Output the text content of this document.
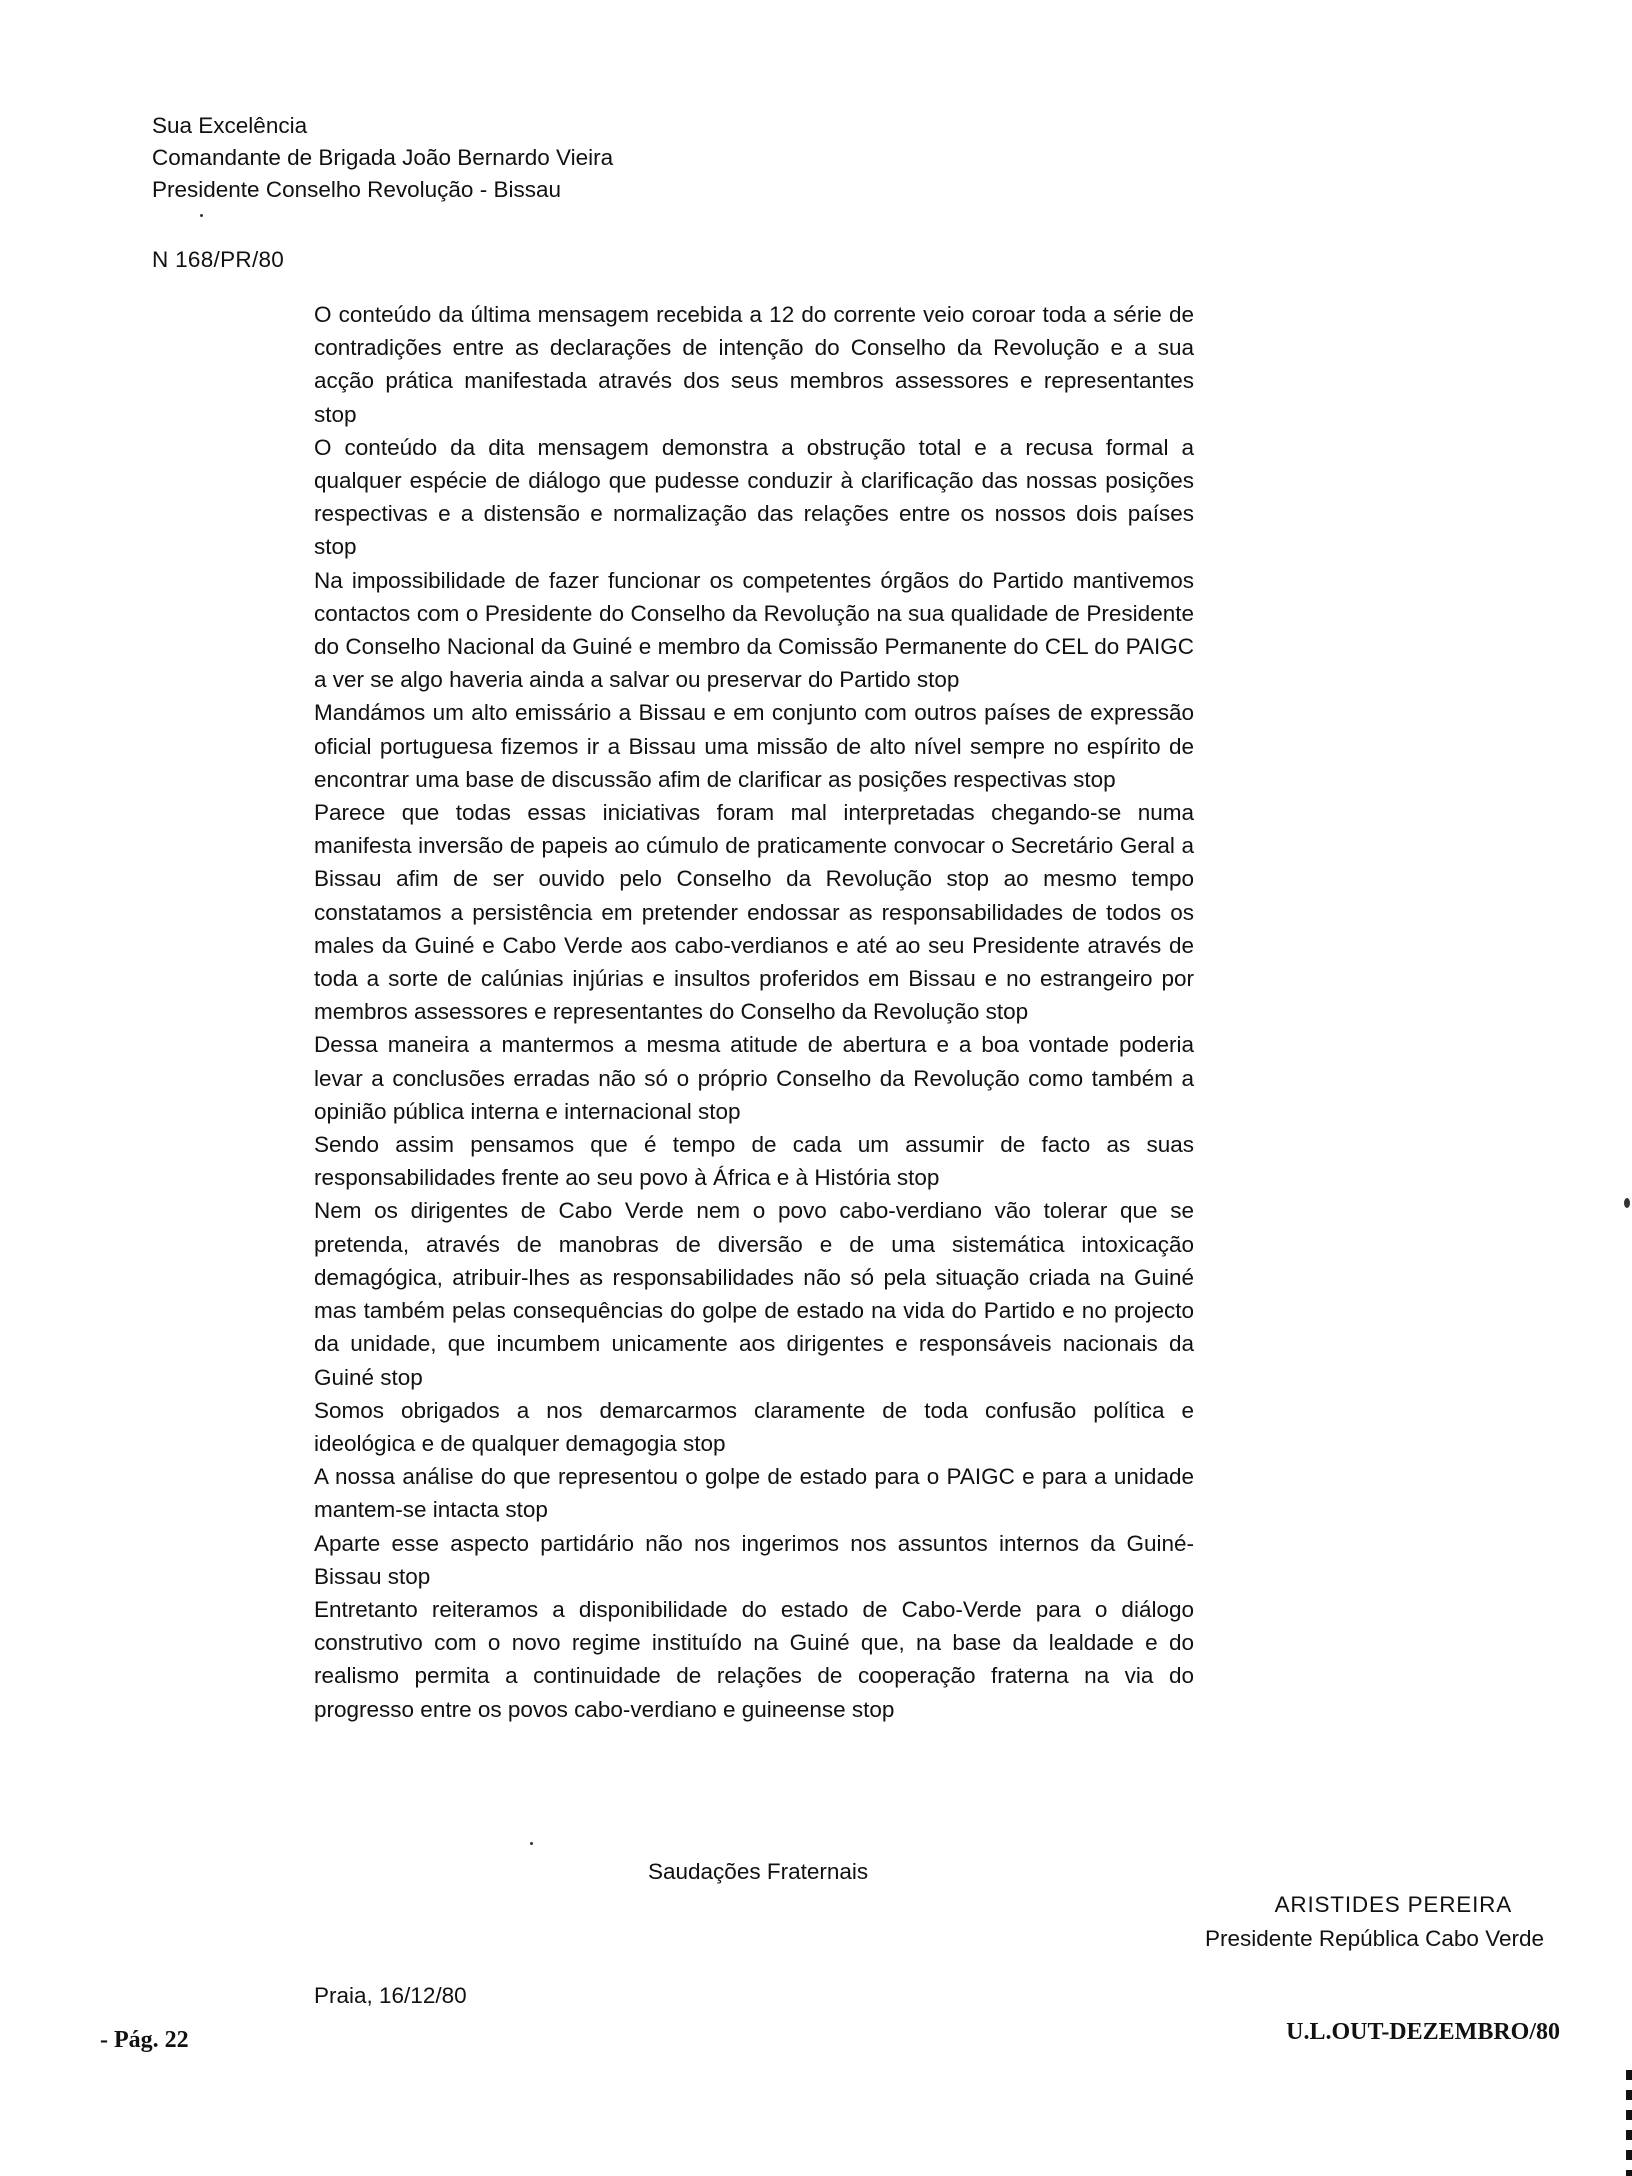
Sua Excelência
Comandante de Brigada João Bernardo Vieira
Presidente Conselho Revolução - Bissau
N 168/PR/80

O conteúdo da última mensagem recebida a 12 do corrente veio coroar toda a série de contradições entre as declarações de intenção do Conselho da Revolução e a sua acção prática manifestada através dos seus membros assessores e representantes stop

O conteúdo da dita mensagem demonstra a obstrução total e a recusa formal a qualquer espécie de diálogo que pudesse conduzir à clarificação das nossas posições respectivas e a distensão e normalização das relações entre os nossos dois países stop

Na impossibilidade de fazer funcionar os competentes órgãos do Partido mantivemos contactos com o Presidente do Conselho da Revolução na sua qualidade de Presidente do Conselho Nacional da Guiné e membro da Comissão Permanente do CEL do PAIGC a ver se algo haveria ainda a salvar ou preservar do Partido stop

Mandámos um alto emissário a Bissau e em conjunto com outros países de expressão oficial portuguesa fizemos ir a Bissau uma missão de alto nível sempre no espírito de encontrar uma base de discussão afim de clarificar as posições respectivas stop

Parece que todas essas iniciativas foram mal interpretadas chegando-se numa manifesta inversão de papeis ao cúmulo de praticamente convocar o Secretário Geral a Bissau afim de ser ouvido pelo Conselho da Revolução stop ao mesmo tempo constatamos a persistência em pretender endossar as responsabilidades de todos os males da Guiné e Cabo Verde aos cabo-verdianos e até ao seu Presidente através de toda a sorte de calúnias injúrias e insultos proferidos em Bissau e no estrangeiro por membros assessores e representantes do Conselho da Revolução stop

Dessa maneira a mantermos a mesma atitude de abertura e a boa vontade poderia levar a conclusões erradas não só o próprio Conselho da Revolução como também a opinião pública interna e internacional stop

Sendo assim pensamos que é tempo de cada um assumir de facto as suas responsabilidades frente ao seu povo à África e à História stop

Nem os dirigentes de Cabo Verde nem o povo cabo-verdiano vão tolerar que se pretenda, através de manobras de diversão e de uma sistemática intoxicação demagógica, atribuir-lhes as responsabilidades não só pela situação criada na Guiné mas também pelas consequências do golpe de estado na vida do Partido e no projecto da unidade, que incumbem unicamente aos dirigentes e responsáveis nacionais da Guiné stop

Somos obrigados a nos demarcarmos claramente de toda confusão política e ideológica e de qualquer demagogia stop

A nossa análise do que representou o golpe de estado para o PAIGC e para a unidade mantem-se intacta stop

Aparte esse aspecto partidário não nos ingerimos nos assuntos internos da Guiné-Bissau stop

Entretanto reiteramos a disponibilidade do estado de Cabo-Verde para o diálogo construtivo com o novo regime instituído na Guiné que, na base da lealdade e do realismo permita a continuidade de relações de cooperação fraterna na via do progresso entre os povos cabo-verdiano e guineense stop

Saudações Fraternais
ARISTIDES PEREIRA
Presidente República Cabo Verde
Praia, 16/12/80
- Pág. 22	U.L.OUT-DEZEMBRO/80
